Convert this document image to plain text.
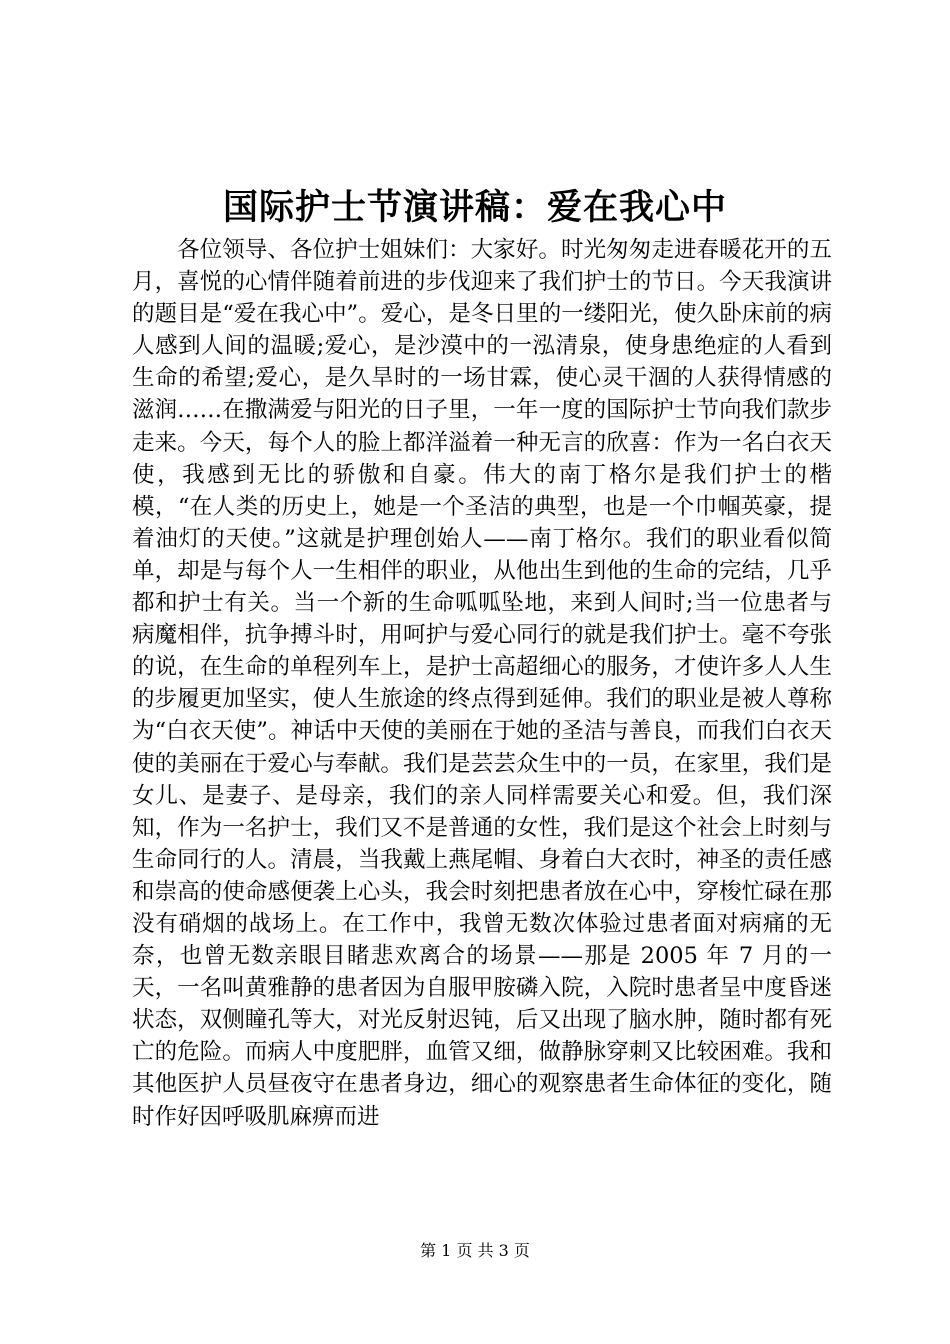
国际护士节演讲稿：爱在我心中

各位领导、各位护士姐妹们：大家好。时光匆匆走进春暖花开的五月，喜悦的心情伴随着前进的步伐迎来了我们护士的节日。今天我演讲的题目是“爱在我心中”。爱心，是冬日里的一缕阳光，使久卧床前的病人感到人间的温暖;爱心，是沙漠中的一泓清泉，使身患绝症的人看到生命的希望;爱心，是久旱时的一场甘霖，使心灵干涸的人获得情感的滋润……在撒满爱与阳光的日子里，一年一度的国际护士节向我们款步走来。今天，每个人的脸上都洋溢着一种无言的欣喜：作为一名白衣天使，我感到无比的骄傲和自豪。伟大的南丁格尔是我们护士的楷模，“在人类的历史上，她是一个圣洁的典型，也是一个巾帼英豪，提着油灯的天使。”这就是护理创始人——南丁格尔。我们的职业看似简单，却是与每个人一生相伴的职业，从他出生到他的生命的完结，几乎都和护士有关。当一个新的生命呱呱坠地，来到人间时;当一位患者与病魔相伴，抗争搏斗时，用呵护与爱心同行的就是我们护士。毫不夸张的说，在生命的单程列车上，是护士高超细心的服务，才使许多人人生的步履更加坚实，使人生旅途的终点得到延伸。我们的职业是被人尊称为“白衣天使”。神话中天使的美丽在于她的圣洁与善良，而我们白衣天使的美丽在于爱心与奉献。我们是芸芸众生中的一员，在家里，我们是女儿、是妻子、是母亲，我们的亲人同样需要关心和爱。但，我们深知，作为一名护士，我们又不是普通的女性，我们是这个社会上时刻与生命同行的人。清晨，当我戴上燕尾帽、身着白大衣时，神圣的责任感和崇高的使命感便袭上心头，我会时刻把患者放在心中，穿梭忙碌在那没有硝烟的战场上。在工作中，我曾无数次体验过患者面对病痛的无奈，也曾无数亲眼目睹悲欢离合的场景——那是 2005 年 7 月的一天，一名叫黄雅静的患者因为自服甲胺磷入院，入院时患者呈中度昏迷状态，双侧瞳孔等大，对光反射迟钝，后又出现了脑水肿，随时都有死亡的危险。而病人中度肥胖，血管又细，做静脉穿刺又比较困难。我和其他医护人员昼夜守在患者身边，细心的观察患者生命体征的变化，随时作好因呼吸肌麻痹而进

第 1 页 共 3 页
